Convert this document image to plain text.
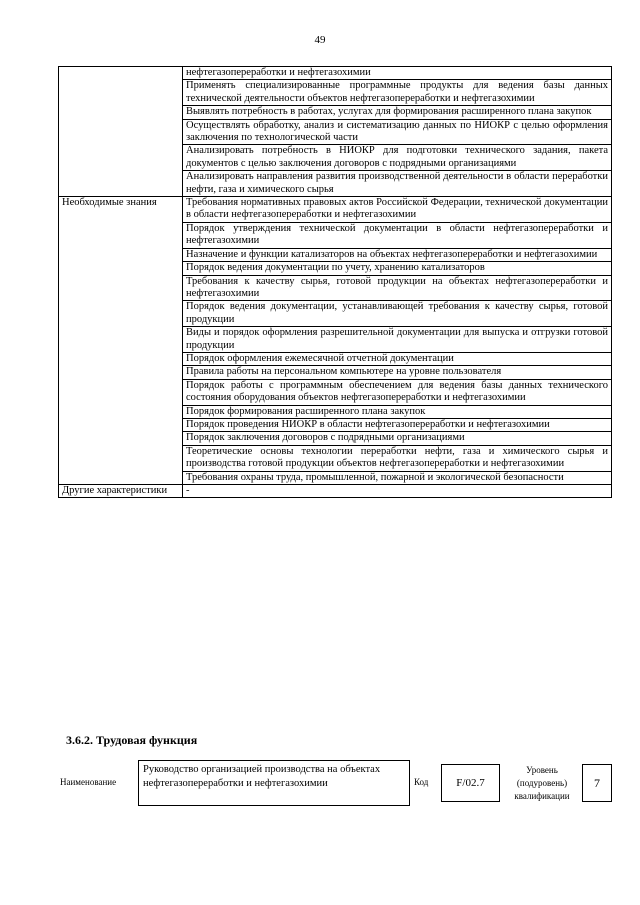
49
	нефтегазопереработки и нефтегазохимии
	Применять специализированные программные продукты для ведения базы данных технической деятельности объектов нефтегазопереработки и нефтегазохимии
	Выявлять потребность в работах, услугах для формирования расширенного плана закупок
	Осуществлять обработку, анализ и систематизацию данных по НИОКР с целью оформления заключения по технологической части
	Анализировать потребность в НИОКР для подготовки технического задания, пакета документов с целью заключения договоров с подрядными организациями
	Анализировать направления развития производственной деятельности в области переработки нефти, газа и химического сырья
Необходимые знания	Требования нормативных правовых актов Российской Федерации, технической документации в области нефтегазопереработки и нефтегазохимии
	Порядок утверждения технической документации в области нефтегазопереработки и нефтегазохимии
	Назначение и функции катализаторов на объектах нефтегазопереработки и нефтегазохимии
	Порядок ведения документации по учету, хранению катализаторов
	Требования к качеству сырья, готовой продукции на объектах нефтегазопереработки и нефтегазохимии
	Порядок ведения документации, устанавливающей требования к качеству сырья, готовой продукции
	Виды и порядок оформления разрешительной документации для выпуска и отгрузки готовой продукции
	Порядок оформления ежемесячной отчетной документации
	Правила работы на персональном компьютере на уровне пользователя
	Порядок работы с программным обеспечением для ведения базы данных технического состояния оборудования объектов нефтегазопереработки и нефтегазохимии
	Порядок формирования расширенного плана закупок
	Порядок проведения НИОКР в области нефтегазопереработки и нефтегазохимии
	Порядок заключения договоров с подрядными организациями
	Теоретические основы технологии переработки нефти, газа и химического сырья и производства готовой продукции объектов нефтегазопереработки и нефтегазохимии
	Требования охраны труда, промышленной, пожарной и экологической безопасности
Другие характеристики	-
3.6.2. Трудовая функция
Наименование
Руководство организацией производства на объектах нефтегазопереработки и нефтегазохимии	Код	F/02.7
Уровень (подуровень) квалификации
7
